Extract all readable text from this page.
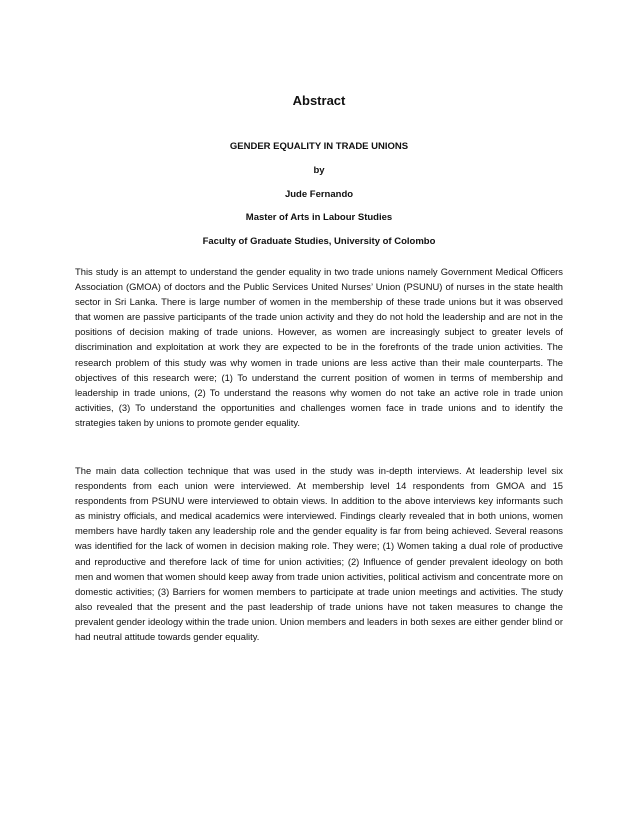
Abstract
GENDER EQUALITY IN TRADE UNIONS
by
Jude Fernando
Master of Arts in Labour Studies
Faculty of Graduate Studies, University of Colombo

This study is an attempt to understand the gender equality in two trade unions namely Government Medical Officers Association (GMOA) of doctors and the Public Services United Nurses’ Union (PSUNU) of nurses in the state health sector in Sri Lanka. There is large number of women in the membership of these trade unions but it was observed that women are passive participants of the trade union activity and they do not hold the leadership and are not in the positions of decision making of trade unions. However, as women are increasingly subject to greater levels of discrimination and exploitation at work they are expected to be in the forefronts of the trade union activities. The research problem of this study was why women in trade unions are less active than their male counterparts. The objectives of this research were; (1) To understand the current position of women in terms of membership and leadership in trade unions, (2) To understand the reasons why women do not take an active role in trade union activities, (3) To understand the opportunities and challenges women face in trade unions and to identify the strategies taken by unions to promote gender equality.

The main data collection technique that was used in the study was in-depth interviews. At leadership level six respondents from each union were interviewed. At membership level 14 respondents from GMOA and 15 respondents from PSUNU were interviewed to obtain views. In addition to the above interviews key informants such as ministry officials, and medical academics were interviewed. Findings clearly revealed that in both unions, women members have hardly taken any leadership role and the gender equality is far from being achieved. Several reasons was identified for the lack of women in decision making role. They were; (1) Women taking a dual role of productive and reproductive and therefore lack of time for union activities; (2) Influence of gender prevalent ideology on both men and women that women should keep away from trade union activities, political activism and concentrate more on domestic activities; (3) Barriers for women members to participate at trade union meetings and activities. The study also revealed that the present and the past leadership of trade unions have not taken measures to change the prevalent gender ideology within the trade union. Union members and leaders in both sexes are either gender blind or had neutral attitude towards gender equality.
